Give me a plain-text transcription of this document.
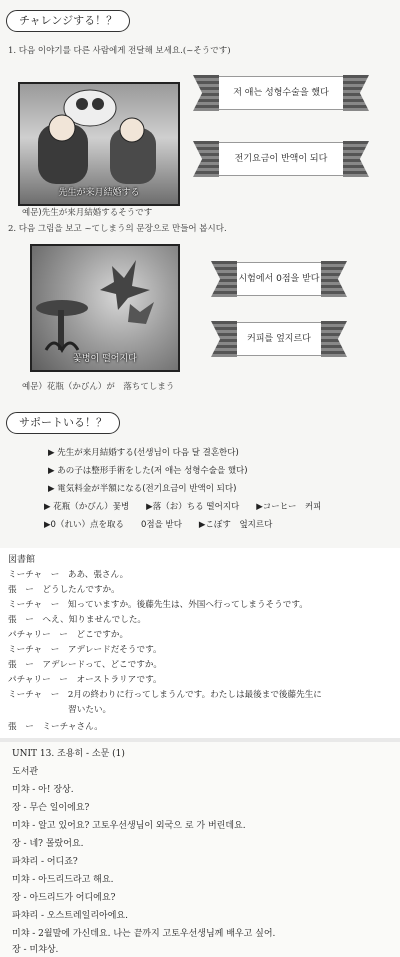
チャレンジする！？
1. 다음 이야기를 다른 사람에게 전달해 보세요.(~そうです)
先生が来月結婚する
저 애는 성형수술을 했다
전기요금이 반액이 되다
예문)先生が来月結婚するそうです
2. 다음 그림을 보고 ~てしまう의 문장으로 만들어 봅시다.
꽃병이 떨어지다
시험에서 0점을 받다
커피를 엎지르다
예문）花瓶（かびん）が　落ちてしまう
サポートいる！？
▶ 先生が来月結婚する(선생님이 다음 달 결혼한다)
▶ あの子は整形手術をした(저 애는 성형수술을 했다)
▶ 電気料金が半額になる(전기요금이 반액이 되다)
▶ 花瓶（かびん）꽃병　　▶落（お）ちる 떨어지다　　▶コーヒー　커피
▶0（れい）点を取る　　0점을 받다　　▶こぼす　엎지르다
図書館
ミーチャ　ー　ああ、張さん。
張　ー　どうしたんですか。
ミーチャ　ー　知っていますか。後藤先生は、外国へ行ってしまうそうです。
張　ー　へえ、知りませんでした。
パチャリー　ー　どこですか。
ミーチャ　ー　アデレードだそうです。
張　ー　アデレードって、どこですか。
パチャリー　ー　オーストラリアです。
ミーチャ　ー　2月の終わりに行ってしまうんです。わたしは最後まで後藤先生に
　　　　　　　習いたい。
張　ー　ミーチャさん。
UNIT 13. 조용히 - 소문 (1)
도서관
미챠 - 아! 장상.
장 - 무슨 일이에요?
미챠 - 알고 있어요? 고토우선생님이 외국으 로 가 버린데요.
장 - 네? 몰랐어요.
파챠리 - 어디죠?
미챠 - 아드리드라고 해요.
장 - 아드리드가 어디에요?
파챠리 - 오스트레일리아에요.
미챠 - 2월말에 가신데요. 나는 끝까지 고토우선생님께 배우고 싶어.
장 - 미챠상.
